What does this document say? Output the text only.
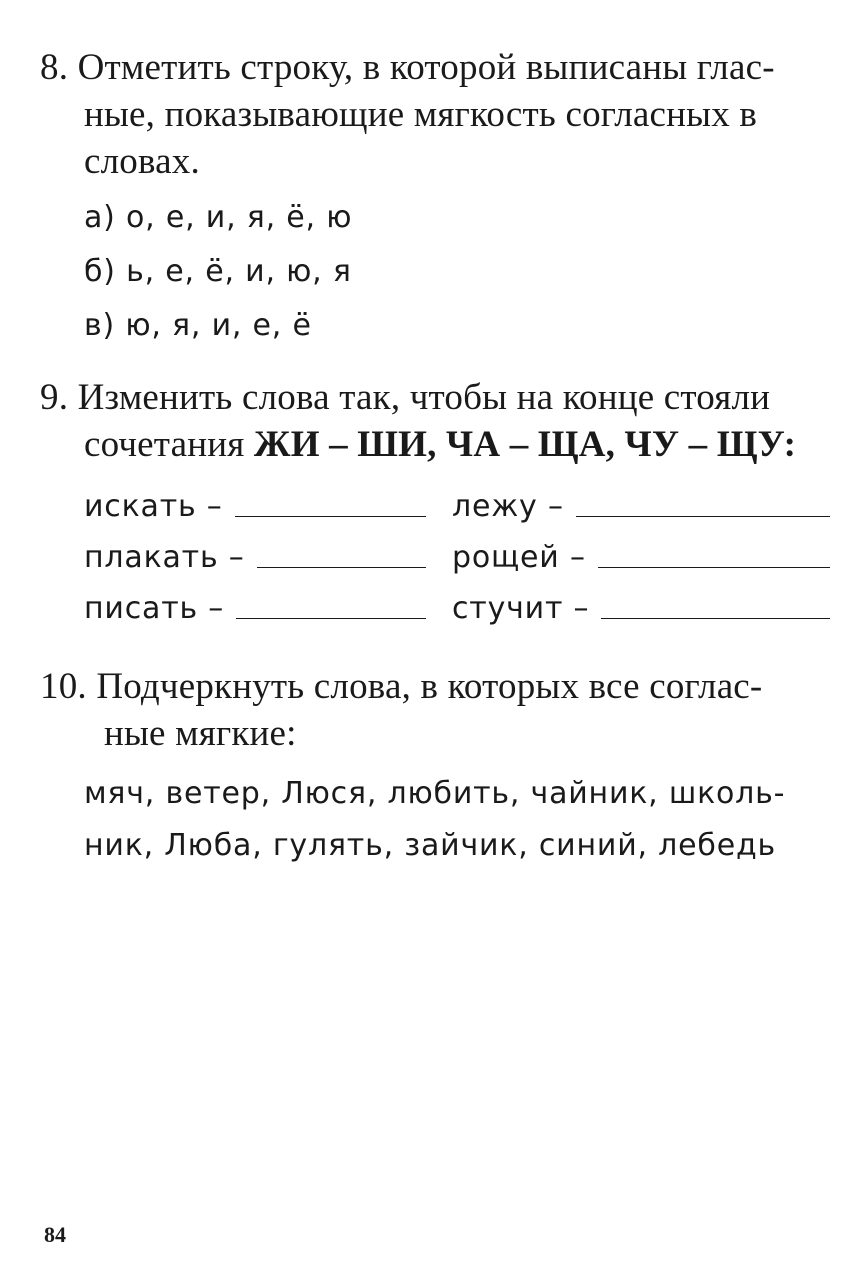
8. Отметить строку, в которой выписаны глас-
ные, показывающие мягкость согласных в
словах.
а) о, е, и, я, ё, ю
б) ь, е, ё, и, ю, я
в) ю, я, и, е, ё
9. Изменить слова так, чтобы на конце стояли
сочетания ЖИ – ШИ, ЧА – ЩА, ЧУ – ЩУ:
искать –	лежу –
плакать –	рощей –
писать –	стучит –
10. Подчеркнуть слова, в которых все соглас-
ные мягкие:
мяч, ветер, Люся, любить, чайник, школь-
ник, Люба, гулять, зайчик, синий, лебедь
84
